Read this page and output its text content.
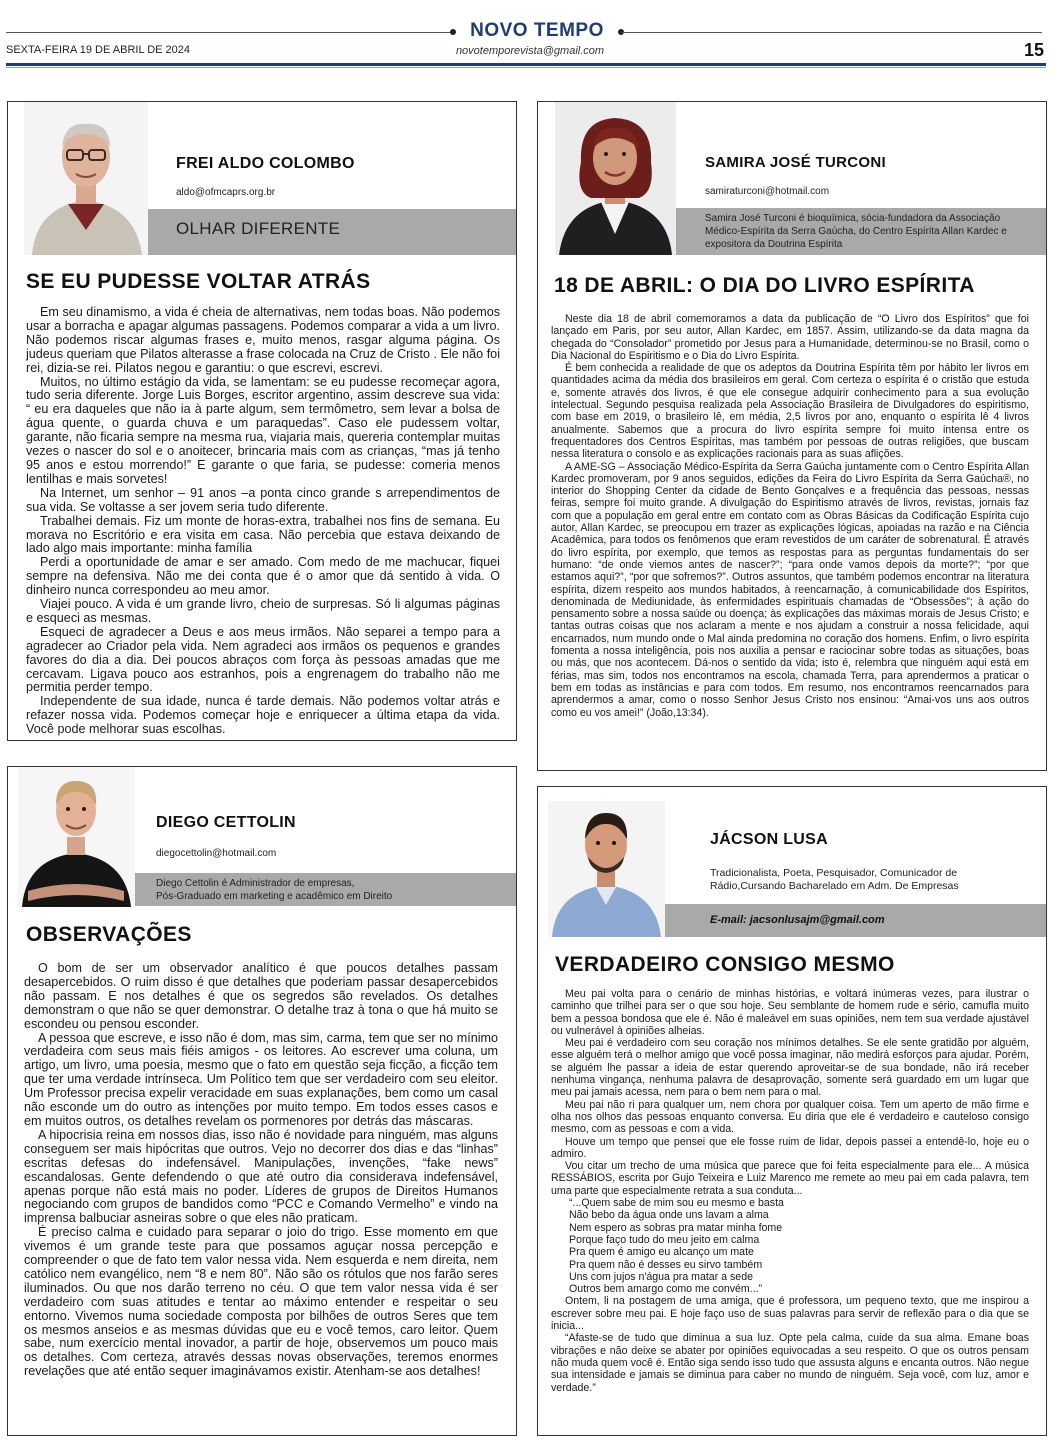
NOVO TEMPO
SEXTA-FEIRA 19 DE ABRIL DE 2024	novotemporevista@gmail.com	15
FREI ALDO COLOMBO
aldo@ofmcaprs.org.br
OLHAR DIFERENTE
SE EU PUDESSE VOLTAR ATRÁS

Em seu dinamismo, a vida é cheia de alternativas, nem todas boas. Não podemos usar a borracha e apagar algumas passagens. Podemos comparar a vida a um livro. Não podemos riscar algumas frases e, muito menos, rasgar alguma página. Os judeus queriam que Pilatos alterasse a frase colocada na Cruz de Cristo . Ele não foi rei, dizia-se rei. Pilatos negou e garantiu: o que escrevi, escrevi.

Muitos, no último estágio da vida, se lamentam: se eu pudesse recomeçar agora, tudo seria diferente. Jorge Luis Borges, escritor argentino, assim descreve sua vida: “ eu era daqueles que não ia à parte algum, sem termômetro, sem levar a bolsa de água quente, o guarda chuva e um paraquedas”. Caso ele pudessem voltar, garante, não ficaria sempre na mesma rua, viajaria mais, quereria contemplar muitas vezes o nascer do sol e o anoitecer, brincaria mais com as crianças, “mas já tenho 95 anos e estou morrendo!” E garante o que faria, se pudesse: comeria menos lentilhas e mais sorvetes!

Na Internet, um senhor – 91 anos –a ponta cinco grande s arrependimentos de sua vida. Se voltasse a ser jovem seria tudo diferente.

Trabalhei demais. Fiz um monte de horas-extra, trabalhei nos fins de semana. Eu morava no Escritório e era visita em casa. Não percebia que estava deixando de lado algo mais importante: minha família

Perdi a oportunidade de amar e ser amado. Com medo de me machucar, fiquei sempre na defensiva. Não me dei conta que é o amor que dá sentido à vida. O dinheiro nunca correspondeu ao meu amor.

Viajei pouco. A vida é um grande livro, cheio de surpresas. Só li algumas páginas e esqueci as mesmas.

Esqueci de agradecer a Deus e aos meus irmãos. Não separei a tempo para a agradecer ao Criador pela vida. Nem agradeci aos irmãos os pequenos e grandes favores do dia a dia. Dei poucos abraços com força às pessoas amadas que me cercavam. Ligava pouco aos estranhos, pois a engrenagem do trabalho não me permitia perder tempo.

Independente de sua idade, nunca é tarde demais. Não podemos voltar atrás e refazer nossa vida. Podemos começar hoje e enriquecer a última etapa da vida. Você pode melhorar suas escolhas.

SAMIRA JOSÉ TURCONI
samiraturconi@hotmail.com
Samira José Turconi é bioquímica, sócia-fundadora da Associação Médico-Espírita da Serra Gaúcha, do Centro Espírita Allan Kardec e expositora da Doutrina Espírita
18 DE ABRIL: O DIA DO LIVRO ESPÍRITA

Neste dia 18 de abril comemoramos a data da publicação de “O Livro dos Espíritos” que foi lançado em Paris, por seu autor, Allan Kardec, em 1857. Assim, utilizando-se da data magna da chegada do “Consolador” prometido por Jesus para a Humanidade, determinou-se no Brasil, como o Dia Nacional do Espiritismo e o Dia do Livro Espírita.

É bem conhecida a realidade de que os adeptos da Doutrina Espírita têm por hábito ler livros em quantidades acima da média dos brasileiros em geral. Com certeza o espírita é o cristão que estuda e, somente através dos livros, é que ele consegue adquirir conhecimento para a sua evolução intelectual. Segundo pesquisa realizada pela Associação Brasileira de Divulgadores do espiritismo, com base em 2019, o brasileiro lê, em média, 2,5 livros por ano, enquanto o espírita lê 4 livros anualmente. Sabemos que a procura do livro espírita sempre foi muito intensa entre os frequentadores dos Centros Espíritas, mas também por pessoas de outras religiões, que buscam nessa literatura o consolo e as explicações racionais para as suas aflições.

A AME-SG – Associação Médico-Espírita da Serra Gaúcha juntamente com o Centro Espírita Allan Kardec promoveram, por 9 anos seguidos, edições da Feira do Livro Espírita da Serra Gaúcha®, no interior do Shopping Center da cidade de Bento Gonçalves e a frequência das pessoas, nessas feiras, sempre foi muito grande. A divulgação do Espiritismo através de livros, revistas, jornais faz com que a população em geral entre em contato com as Obras Básicas da Codificação Espírita cujo autor, Allan Kardec, se preocupou em trazer as explicações lógicas, apoiadas na razão e na Ciência Acadêmica, para todos os fenômenos que eram revestidos de um caráter de sobrenatural. É através do livro espírita, por exemplo, que temos as respostas para as perguntas fundamentais do ser humano: “de onde viemos antes de nascer?”; “para onde vamos depois da morte?”; “por que estamos aqui?”, “por que sofremos?”. Outros assuntos, que também podemos encontrar na literatura espírita, dizem respeito aos mundos habitados, à reencarnação, à comunicabilidade dos Espíritos, denominada de Mediunidade, às enfermidades espirituais chamadas de “Obsessões”; à ação do pensamento sobre a nossa saúde ou doença; às explicações das máximas morais de Jesus Cristo; e tantas outras coisas que nos aclaram a mente e nos ajudam a construir a nossa felicidade, aqui encarnados, num mundo onde o Mal ainda predomina no coração dos homens. Enfim, o livro espírita fomenta a nossa inteligência, pois nos auxilia a pensar e raciocinar sobre todas as situações, boas ou más, que nos acontecem. Dá-nos o sentido da vida; isto é, relembra que ninguém aqui está em férias, mas sim, todos nos encontramos na escola, chamada Terra, para aprendermos a praticar o bem em todas as instâncias e para com todos. Em resumo, nos encontramos reencarnados para aprendermos a amar, como o nosso Senhor Jesus Cristo nos ensinou: “Amai-vos uns aos outros como eu vos amei!” (João,13:34).

DIEGO CETTOLIN
diegocettolin@hotmail.com
Diego Cettolin é Administrador de empresas,
Pós-Graduado em marketing e acadêmico em Direito
OBSERVAÇÕES

O bom de ser um observador analítico é que poucos detalhes passam desapercebidos. O ruim disso é que detalhes que poderiam passar desapercebidos não passam. E nos detalhes é que os segredos são revelados. Os detalhes demonstram o que não se quer demonstrar. O detalhe traz à tona o que há muito se escondeu ou pensou esconder.

A pessoa que escreve, e isso não é dom, mas sim, carma, tem que ser no mínimo verdadeira com seus mais fiéis amigos - os leitores. Ao escrever uma coluna, um artigo, um livro, uma poesia, mesmo que o fato em questão seja ficção, a ficção tem que ter uma verdade intrínseca. Um Político tem que ser verdadeiro com seu eleitor. Um Professor precisa expelir veracidade em suas explanações, bem como um casal não esconde um do outro as intenções por muito tempo. Em todos esses casos e em muitos outros, os detalhes revelam os pormenores por detrás das máscaras.

A hipocrisia reina em nossos dias, isso não é novidade para ninguém, mas alguns conseguem ser mais hipócritas que outros. Vejo no decorrer dos dias e das “linhas” escritas defesas do indefensável. Manipulações, invenções, “fake news” escandalosas. Gente defendendo o que até outro dia considerava indefensável, apenas porque não está mais no poder. Líderes de grupos de Direitos Humanos negociando com grupos de bandidos como “PCC e Comando Vermelho” e vindo na imprensa balbuciar asneiras sobre o que eles não praticam.

É preciso calma e cuidado para separar o joio do trigo. Esse momento em que vivemos é um grande teste para que possamos aguçar nossa percepção e compreender o que de fato tem valor nessa vida. Nem esquerda e nem direita, nem católico nem evangélico, nem “8 e nem 80”. Não são os rótulos que nos farão seres iluminados. Ou que nos darão terreno no céu. O que tem valor nessa vida é ser verdadeiro com suas atitudes e tentar ao máximo entender e respeitar o seu entorno. Vivemos numa sociedade composta por bilhões de outros Seres que tem os mesmos anseios e as mesmas dúvidas que eu e você temos, caro leitor. Quem sabe, num exercício mental inovador, a partir de hoje, observemos um pouco mais os detalhes. Com certeza, através dessas novas observações, teremos enormes revelações que até então sequer imaginávamos existir. Atenham-se aos detalhes!

JÁCSON LUSA
Tradicionalista, Poeta, Pesquisador, Comunicador de Rádio,Cursando Bacharelado em Adm. De Empresas
E-mail: jacsonlusajm@gmail.com
VERDADEIRO CONSIGO MESMO

Meu pai volta para o cenário de minhas histórias, e voltará inúmeras vezes, para ilustrar o caminho que trilhei para ser o que sou hoje. Seu semblante de homem rude e sério, camufla muito bem a pessoa bondosa que ele é. Não é maleável em suas opiniões, nem tem sua verdade ajustável ou vulnerável à opiniões alheias.

Meu pai é verdadeiro com seu coração nos mínimos detalhes. Se ele sente gratidão por alguém, esse alguém terá o melhor amigo que você possa imaginar, não medirá esforços para ajudar. Porém, se alguém lhe passar a ideia de estar querendo aproveitar-se de sua bondade, não irá receber nenhuma vingança, nenhuma palavra de desaprovação, somente será guardado em um lugar que meu pai jamais acessa, nem para o bem nem para o mal.

Meu pai não ri para qualquer um, nem chora por qualquer coisa. Tem um aperto de mão firme e olha nos olhos das pessoas enquanto conversa. Eu diria que ele é verdadeiro e cauteloso consigo mesmo, com as pessoas e com a vida.

Houve um tempo que pensei que ele fosse ruim de lidar, depois passei a entendê-lo, hoje eu o admiro.

Vou citar um trecho de uma música que parece que foi feita especialmente para ele... A música RESSÁBIOS, escrita por Gujo Teixeira e Luiz Marenco me remete ao meu pai em cada palavra, tem uma parte que especialmente retrata a sua conduta...

“...Quem sabe de mim sou eu mesmo e basta

Não bebo da água onde uns lavam a alma

Nem espero as sobras pra matar minha fome

Porque faço tudo do meu jeito em calma

Pra quem é amigo eu alcanço um mate

Pra quem não é desses eu sirvo também

Uns com jujos n'água pra matar a sede

Outros bem amargo como me convém...”

Ontem, li na postagem de uma amiga, que é professora, um pequeno texto, que me inspirou a escrever sobre meu pai. E hoje faço uso de suas palavras para servir de reflexão para o dia que se inicia...

“Afaste-se de tudo que diminua a sua luz. Opte pela calma, cuide da sua alma. Emane boas vibrações e não deixe se abater por opiniões equivocadas a seu respeito. O que os outros pensam não muda quem você é. Então siga sendo isso tudo que assusta alguns e encanta outros. Não negue sua intensidade e jamais se diminua para caber no mundo de ninguém. Seja você, com luz, amor e verdade.”
